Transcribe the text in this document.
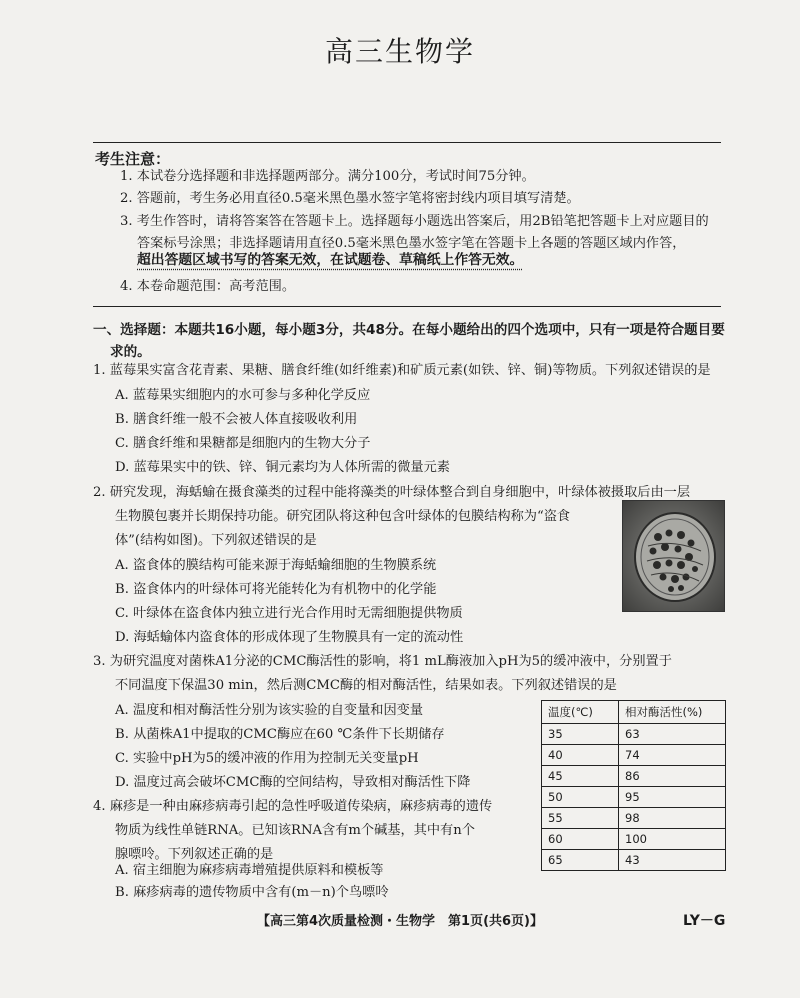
高三生物学
考生注意：
1. 本试卷分选择题和非选择题两部分。满分100分，考试时间75分钟。
2. 答题前，考生务必用直径0.5毫米黑色墨水签字笔将密封线内项目填写清楚。
3. 考生作答时，请将答案答在答题卡上。选择题每小题选出答案后，用2B铅笔把答题卡上对应题目的
答案标号涂黑；非选择题请用直径0.5毫米黑色墨水签字笔在答题卡上各题的答题区域内作答，
超出答题区域书写的答案无效，在试题卷、草稿纸上作答无效。
4. 本卷命题范围：高考范围。
一、选择题：本题共16小题，每小题3分，共48分。在每小题给出的四个选项中，只有一项是符合题目要
求的。
1. 蓝莓果实富含花青素、果糖、膳食纤维(如纤维素)和矿质元素(如铁、锌、铜)等物质。下列叙述错误的是
A. 蓝莓果实细胞内的水可参与多种化学反应
B. 膳食纤维一般不会被人体直接吸收利用
C. 膳食纤维和果糖都是细胞内的生物大分子
D. 蓝莓果实中的铁、锌、铜元素均为人体所需的微量元素
2. 研究发现，海蛞蝓在摄食藻类的过程中能将藻类的叶绿体整合到自身细胞中，叶绿体被摄取后由一层
生物膜包裹并长期保持功能。研究团队将这种包含叶绿体的包膜结构称为“盗食
体”(结构如图)。下列叙述错误的是
A. 盗食体的膜结构可能来源于海蛞蝓细胞的生物膜系统
B. 盗食体内的叶绿体可将光能转化为有机物中的化学能
C. 叶绿体在盗食体内独立进行光合作用时无需细胞提供物质
D. 海蛞蝓体内盗食体的形成体现了生物膜具有一定的流动性
3. 为研究温度对菌株A1分泌的CMC酶活性的影响，将1 mL酶液加入pH为5的缓冲液中，分别置于
不同温度下保温30 min，然后测CMC酶的相对酶活性，结果如表。下列叙述错误的是
A. 温度和相对酶活性分别为该实验的自变量和因变量
B. 从菌株A1中提取的CMC酶应在60 ℃条件下长期储存
C. 实验中pH为5的缓冲液的作用为控制无关变量pH
D. 温度过高会破坏CMC酶的空间结构，导致相对酶活性下降
温度(℃)	相对酶活性(%)
35	63
40	74
45	86
50	95
55	98
60	100
65	43
4. 麻疹是一种由麻疹病毒引起的急性呼吸道传染病，麻疹病毒的遗传
物质为线性单链RNA。已知该RNA含有m个碱基，其中有n个
腺嘌呤。下列叙述正确的是
A. 宿主细胞为麻疹病毒增殖提供原料和模板等
B. 麻疹病毒的遗传物质中含有(m－n)个鸟嘌呤
【高三第4次质量检测・生物学　第1页(共6页)】	LY－G
